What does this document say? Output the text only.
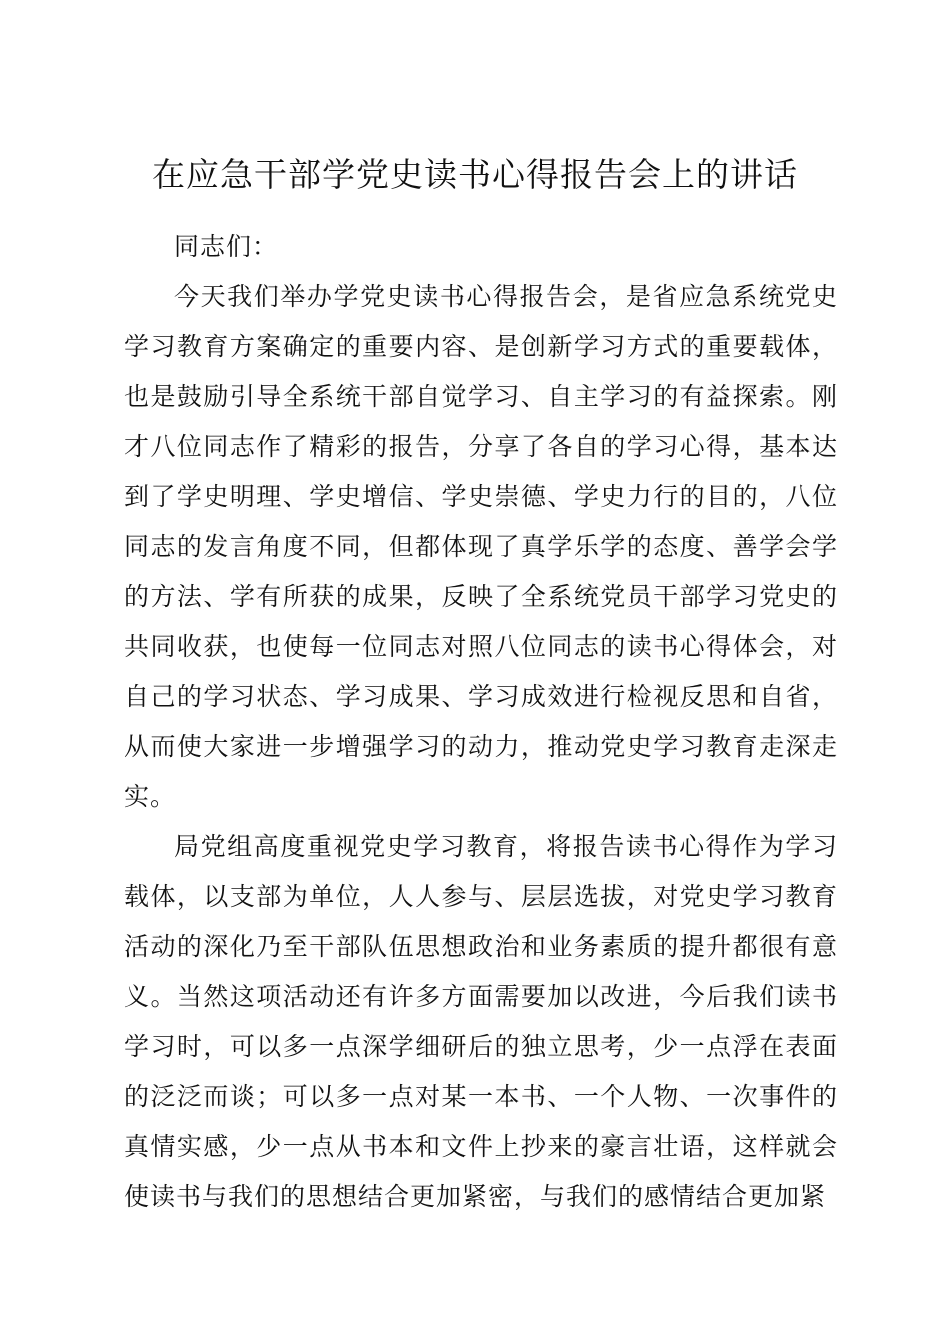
在应急干部学党史读书心得报告会上的讲话

同志们：

今天我们举办学党史读书心得报告会，是省应急系统党史学习教育方案确定的重要内容、是创新学习方式的重要载体，也是鼓励引导全系统干部自觉学习、自主学习的有益探索。刚才八位同志作了精彩的报告，分享了各自的学习心得，基本达到了学史明理、学史增信、学史崇德、学史力行的目的，八位同志的发言角度不同，但都体现了真学乐学的态度、善学会学的方法、学有所获的成果，反映了全系统党员干部学习党史的共同收获，也使每一位同志对照八位同志的读书心得体会，对自己的学习状态、学习成果、学习成效进行检视反思和自省，从而使大家进一步增强学习的动力，推动党史学习教育走深走实。

局党组高度重视党史学习教育，将报告读书心得作为学习载体，以支部为单位，人人参与、层层选拔，对党史学习教育活动的深化乃至干部队伍思想政治和业务素质的提升都很有意义。当然这项活动还有许多方面需要加以改进，今后我们读书学习时，可以多一点深学细研后的独立思考，少一点浮在表面的泛泛而谈；可以多一点对某一本书、一个人物、一次事件的真情实感，少一点从书本和文件上抄来的豪言壮语，这样就会使读书与我们的思想结合更加紧密，与我们的感情结合更加紧
